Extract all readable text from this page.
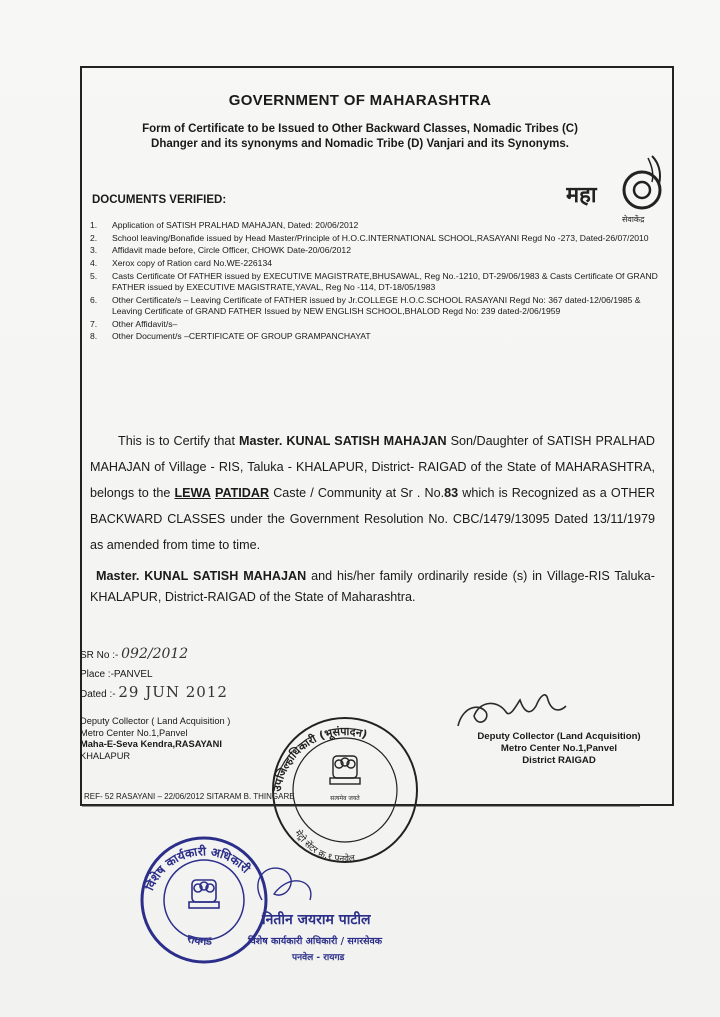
GOVERNMENT OF MAHARASHTRA
Form of Certificate to be Issued to Other Backward Classes, Nomadic Tribes (C)
Dhanger and its synonyms and Nomadic Tribe (D) Vanjari and its Synonyms.
महा
सेवाकेंद्र
DOCUMENTS VERIFIED:
1.	Application of SATISH PRALHAD MAHAJAN, Dated: 20/06/2012
2.	School leaving/Bonafide issued by Head Master/Principle of H.O.C.INTERNATIONAL SCHOOL,RASAYANI Regd No -273, Dated-26/07/2010
3.	Affidavit made before, Circle Officer, CHOWK Date-20/06/2012
4.	Xerox copy of Ration card No.WE-226134
5.	Casts Certificate Of FATHER issued by EXECUTIVE MAGISTRATE,BHUSAWAL, Reg No.-1210, DT-29/06/1983 & Casts Certificate Of GRAND FATHER issued by EXECUTIVE MAGISTRATE,YAVAL, Reg No -114, DT-18/05/1983
6.	Other Certificate/s – Leaving Certificate of FATHER issued by Jr.COLLEGE H.O.C.SCHOOL RASAYANI Regd No: 367 dated-12/06/1985 & Leaving Certificate of GRAND FATHER Issued by NEW ENGLISH SCHOOL,BHALOD Regd No: 239 dated-2/06/1959
7.	Other Affidavit/s–
8.	Other Document/s –CERTIFICATE OF GROUP GRAMPANCHAYAT
This is to Certify that Master. KUNAL SATISH MAHAJAN Son/Daughter of SATISH PRALHAD MAHAJAN of Village - RIS, Taluka - KHALAPUR, District- RAIGAD of the State of MAHARASHTRA, belongs to the LEWA PATIDAR Caste / Community at Sr . No.83 which is Recognized as a OTHER BACKWARD CLASSES under the Government Resolution No. CBC/1479/13095 Dated 13/11/1979 as amended from time to time.
Master. KUNAL SATISH MAHAJAN and his/her family ordinarily reside (s) in Village-RIS Taluka-KHALAPUR, District-RAIGAD of the State of Maharashtra.
SR No :- 092/2012
Place :-PANVEL
Dated :- 29 JUN 2012
Deputy Collector ( Land Acquisition )
Metro Center No.1,Panvel
Maha-E-Seva Kendra,RASAYANI
KHALAPUR
Deputy Collector (Land Acquisition)
Metro Center No.1,Panvel
District RAIGAD
REF- 52 RASAYANI – 22/06/2012 SITARAM B. THINGARE
उपजिल्हाधिकारी (भूसंपादन)
मेट्रो सेंटर क्र.१ पनवेल
सत्यमेव जयते
विशेष कार्यकारी अधिकारी
रायगड
नितीन जयराम पाटील
विशेष कार्यकारी अधिकारी / सगरसेवक
पनवेल - रायगड
